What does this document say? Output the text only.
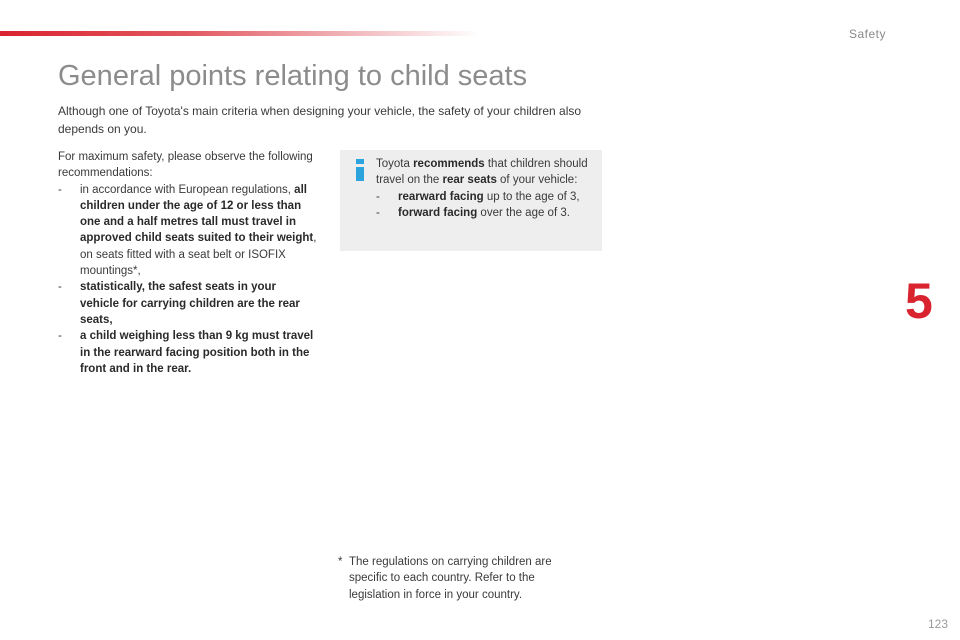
Safety
General points relating to child seats
Although one of Toyota's main criteria when designing your vehicle, the safety of your children also depends on you.

For maximum safety, please observe the following recommendations:

- in accordance with European regulations, all children under the age of 12 or less than one and a half metres tall must travel in approved child seats suited to their weight, on seats fitted with a seat belt or ISOFIX mountings*,
- statistically, the safest seats in your vehicle for carrying children are the rear seats,
- a child weighing less than 9 kg must travel in the rearward facing position both in the front and in the rear.

Toyota recommends that children should travel on the rear seats of your vehicle:

- rearward facing up to the age of 3,
- forward facing over the age of 3.
5
* The regulations on carrying children are specific to each country. Refer to the legislation in force in your country.
123
